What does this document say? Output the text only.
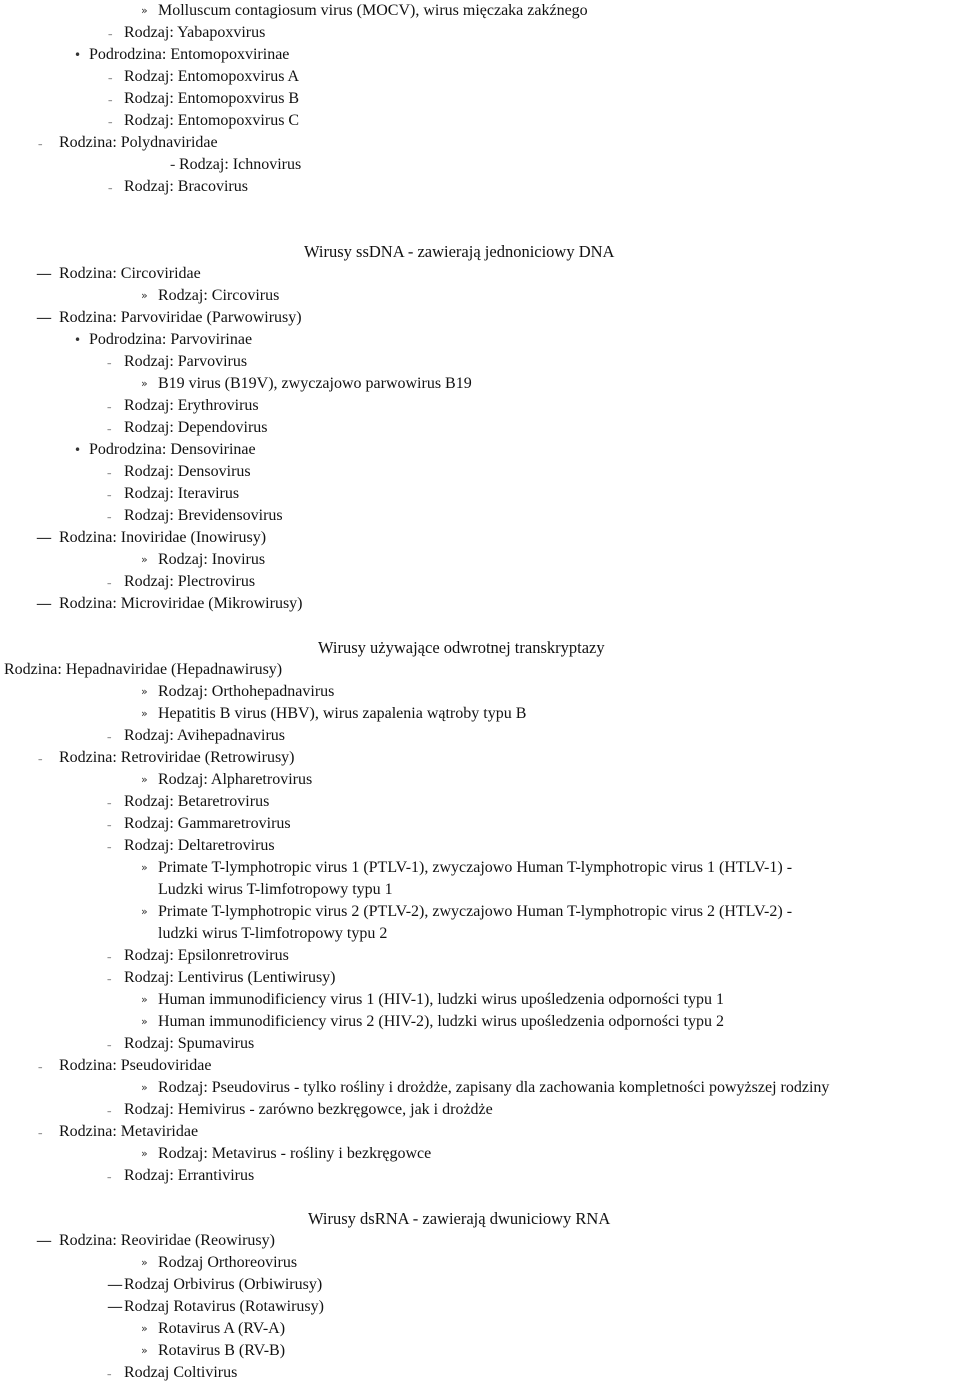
» Molluscum contagiosum virus (MOCV), wirus mięczaka zakźnego
– Rodzaj: Yabapoxvirus
• Podrodzina: Entomopoxvirinae
– Rodzaj: Entomopoxvirus A
– Rodzaj: Entomopoxvirus B
– Rodzaj: Entomopoxvirus C
– Rodzina: Polydnaviridae
- Rodzaj: Ichnovirus
– Rodzaj: Bracovirus
Wirusy ssDNA - zawierają jednoniciowy DNA
— Rodzina: Circoviridae
» Rodzaj: Circovirus
— Rodzina: Parvoviridae (Parwowirusy)
• Podrodzina: Parvovirinae
– Rodzaj: Parvovirus
» B19 virus (B19V), zwyczajowo parwowirus B19
– Rodzaj: Erythrovirus
– Rodzaj: Dependovirus
• Podrodzina: Densovirinae
– Rodzaj: Densovirus
– Rodzaj: Iteravirus
– Rodzaj: Brevidensovirus
— Rodzina: Inoviridae (Inowirusy)
» Rodzaj: Inovirus
– Rodzaj: Plectrovirus
— Rodzina: Microviridae (Mikrowirusy)
Wirusy używające odwrotnej transkryptazy
Rodzina: Hepadnaviridae (Hepadnawirusy)
» Rodzaj: Orthohepadnavirus
» Hepatitis B virus (HBV), wirus zapalenia wątroby typu B
– Rodzaj: Avihepadnavirus
– Rodzina: Retroviridae (Retrowirusy)
» Rodzaj: Alpharetrovirus
– Rodzaj: Betaretrovirus
– Rodzaj: Gammaretrovirus
– Rodzaj: Deltaretrovirus
» Primate T-lymphotropic virus 1 (PTLV-1), zwyczajowo Human T-lymphotropic virus 1 (HTLV-1) -
Ludzki wirus T-limfotropowy typu 1
» Primate T-lymphotropic virus 2 (PTLV-2), zwyczajowo Human T-lymphotropic virus 2 (HTLV-2) -
ludzki wirus T-limfotropowy typu 2
– Rodzaj: Epsilonretrovirus
– Rodzaj: Lentivirus (Lentiwirusy)
» Human immunodificiency virus 1 (HIV-1), ludzki wirus upośledzenia odporności typu 1
» Human immunodificiency virus 2 (HIV-2), ludzki wirus upośledzenia odporności typu 2
– Rodzaj: Spumavirus
– Rodzina: Pseudoviridae
» Rodzaj: Pseudovirus - tylko rośliny i drożdże, zapisany dla zachowania kompletności powyższej rodziny
– Rodzaj: Hemivirus - zarówno bezkręgowce, jak i drożdże
– Rodzina: Metaviridae
» Rodzaj: Metavirus - rośliny i bezkręgowce
– Rodzaj: Errantivirus
Wirusy dsRNA - zawierają dwuniciowy RNA
— Rodzina: Reoviridae (Reowirusy)
» Rodzaj Orthoreovirus
— Rodzaj Orbivirus (Orbiwirusy)
— Rodzaj Rotavirus (Rotawirusy)
» Rotavirus A (RV-A)
» Rotavirus B (RV-B)
– Rodzaj Coltivirus
